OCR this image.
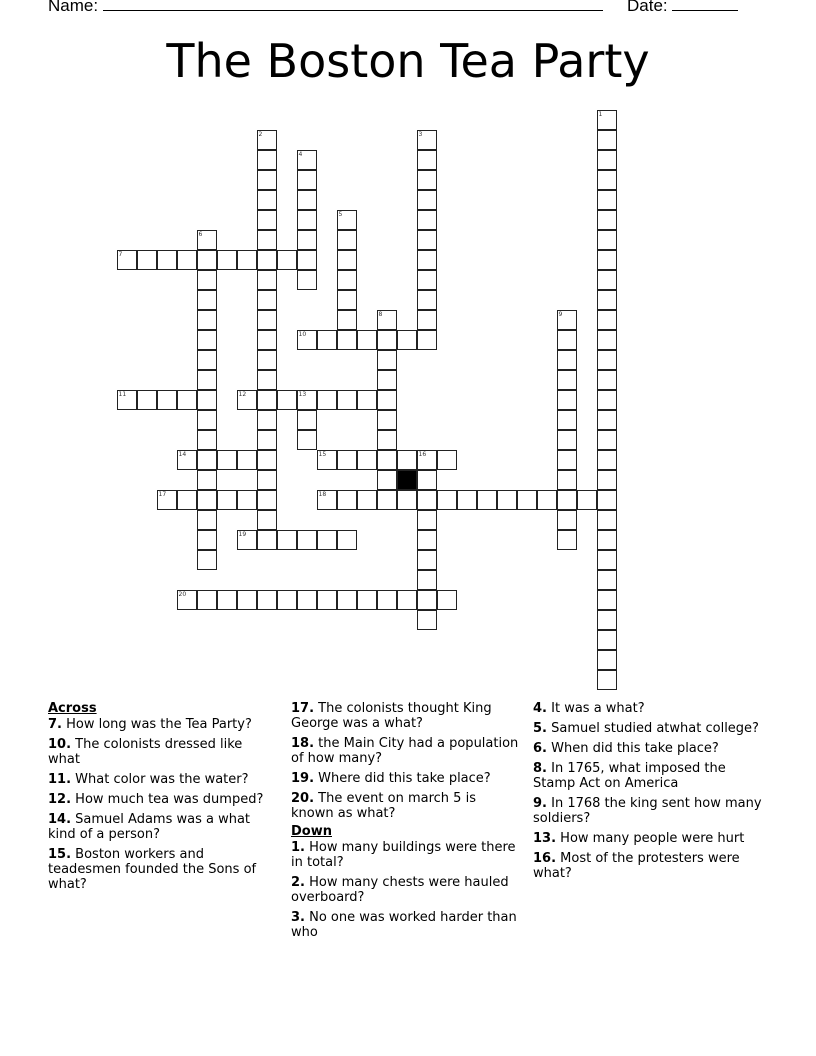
Name:	Date:
The Boston Tea Party
1
2	3
4
5
6
7
8	9
10
11	12	13
14	15	16
17	18
19
20
Across
7. How long was the Tea Party?
10. The colonists dressed like what
11. What color was the water?
12. How much tea was dumped?
14. Samuel Adams was a what kind of a person?
15. Boston workers and teadesmen founded the Sons of what?
17. The colonists thought King George was a what?
18. the Main City had a population of how many?
19. Where did this take place?
20. The event on march 5 is known as what?
Down
1. How many buildings were there in total?
2. How many chests were hauled overboard?
3. No one was worked harder than who
4. It was a what?
5. Samuel studied atwhat college?
6. When did this take place?
8. In 1765, what imposed the Stamp Act on America
9. In 1768 the king sent how many soldiers?
13. How many people were hurt
16. Most of the protesters were what?
